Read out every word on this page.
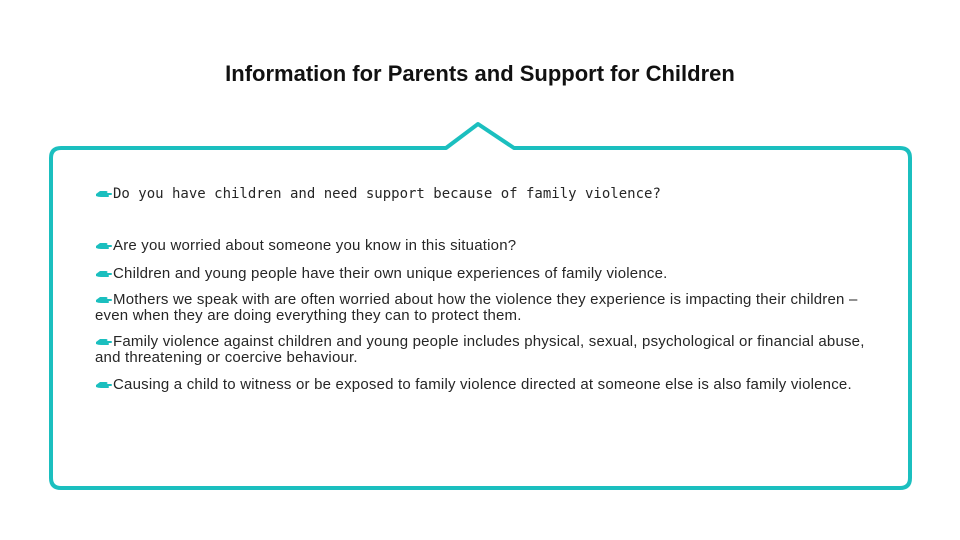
Information for Parents and Support for Children

Do you have children and need support because of family violence?

Are you worried about someone you know in this situation?

Children and young people have their own unique experiences of family violence.

Mothers we speak with are often worried about how the violence they experience is impacting their children – even when they are doing everything they can to protect them.

Family violence against children and young people includes physical, sexual, psychological or financial abuse, and threatening or coercive behaviour.

Causing a child to witness or be exposed to family violence directed at someone else is also family violence.
